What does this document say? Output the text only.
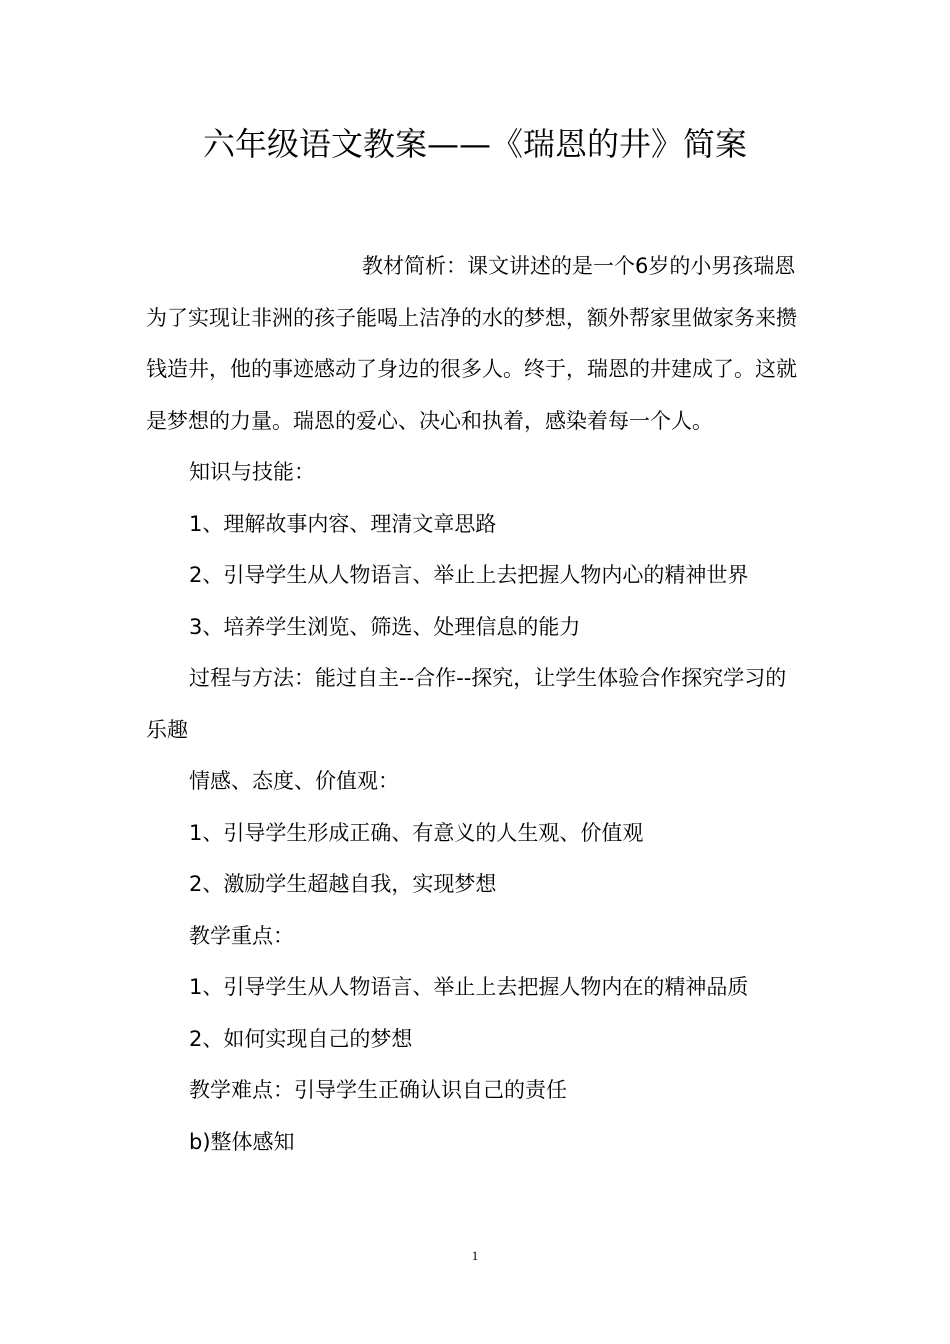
六年级语文教案——《瑞恩的井》简案

教材简析：课文讲述的是一个6岁的小男孩瑞恩为了实现让非洲的孩子能喝上洁净的水的梦想，额外帮家里做家务来攒钱造井，他的事迹感动了身边的很多人。终于，瑞恩的井建成了。这就是梦想的力量。瑞恩的爱心、决心和执着，感染着每一个人。

知识与技能：

1、理解故事内容、理清文章思路

2、引导学生从人物语言、举止上去把握人物内心的精神世界

3、培养学生浏览、筛选、处理信息的能力

过程与方法：能过自主--合作--探究，让学生体验合作探究学习的乐趣

情感、态度、价值观：

1、引导学生形成正确、有意义的人生观、价值观

2、激励学生超越自我，实现梦想

教学重点：

1、引导学生从人物语言、举止上去把握人物内在的精神品质

2、如何实现自己的梦想

教学难点：引导学生正确认识自己的责任

b)整体感知

1
